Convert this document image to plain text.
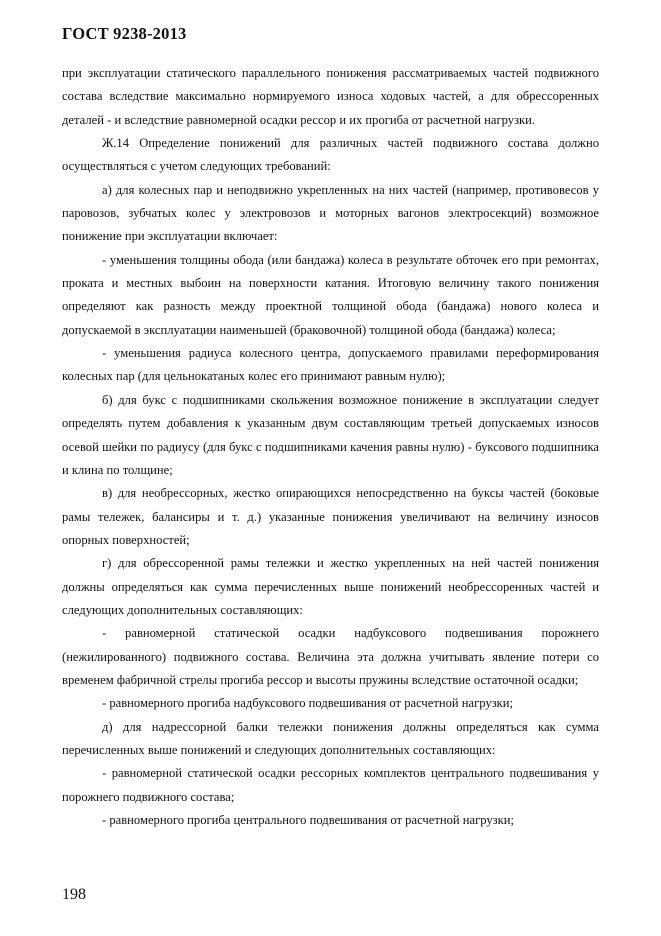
ГОСТ 9238-2013

при эксплуатации статического параллельного понижения рассматриваемых частей подвижного состава вследствие максимально нормируемого износа ходовых частей, а для обрессоренных деталей - и вследствие равномерной осадки рессор и их прогиба от расчетной нагрузки.

Ж.14 Определение понижений для различных частей подвижного состава должно осуществляться с учетом следующих требований:

а) для колесных пар и неподвижно укрепленных на них частей (например, противовесов у паровозов, зубчатых колес у электровозов и моторных вагонов электросекций) возможное понижение при эксплуатации включает:

- уменьшения толщины обода (или бандажа) колеса в результате обточек его при ремонтах, проката и местных выбоин на поверхности катания. Итоговую величину такого понижения определяют как разность между проектной толщиной обода (бандажа) нового колеса и допускаемой в эксплуатации наименьшей (браковочной) толщиной обода (бандажа) колеса;

- уменьшения радиуса колесного центра, допускаемого правилами переформирования колесных пар (для цельнокатаных колес его принимают равным нулю);

б) для букс с подшипниками скольжения возможное понижение в эксплуатации следует определять путем добавления к указанным двум составляющим третьей допускаемых износов осевой шейки по радиусу (для букс с подшипниками качения равны нулю) - буксового подшипника и клина по толщине;

в) для необрессорных, жестко опирающихся непосредственно на буксы частей (боковые рамы тележек, балансиры и т. д.) указанные понижения увеличивают на величину износов опорных поверхностей;

г) для обрессоренной рамы тележки и жестко укрепленных на ней частей понижения должны определяться как сумма перечисленных выше понижений необрессоренных частей и следующих дополнительных составляющих:

- равномерной статической осадки надбуксового подвешивания порожнего (нежилированного) подвижного состава. Величина эта должна учитывать явление потери со временем фабричной стрелы прогиба рессор и высоты пружины вследствие остаточной осадки;

- равномерного прогиба надбуксового подвешивания от расчетной нагрузки;

д) для надрессорной балки тележки понижения должны определяться как сумма перечисленных выше понижений и следующих дополнительных составляющих:

- равномерной статической осадки рессорных комплектов центрального подвешивания у порожнего подвижного состава;

- равномерного прогиба центрального подвешивания от расчетной нагрузки;

198
